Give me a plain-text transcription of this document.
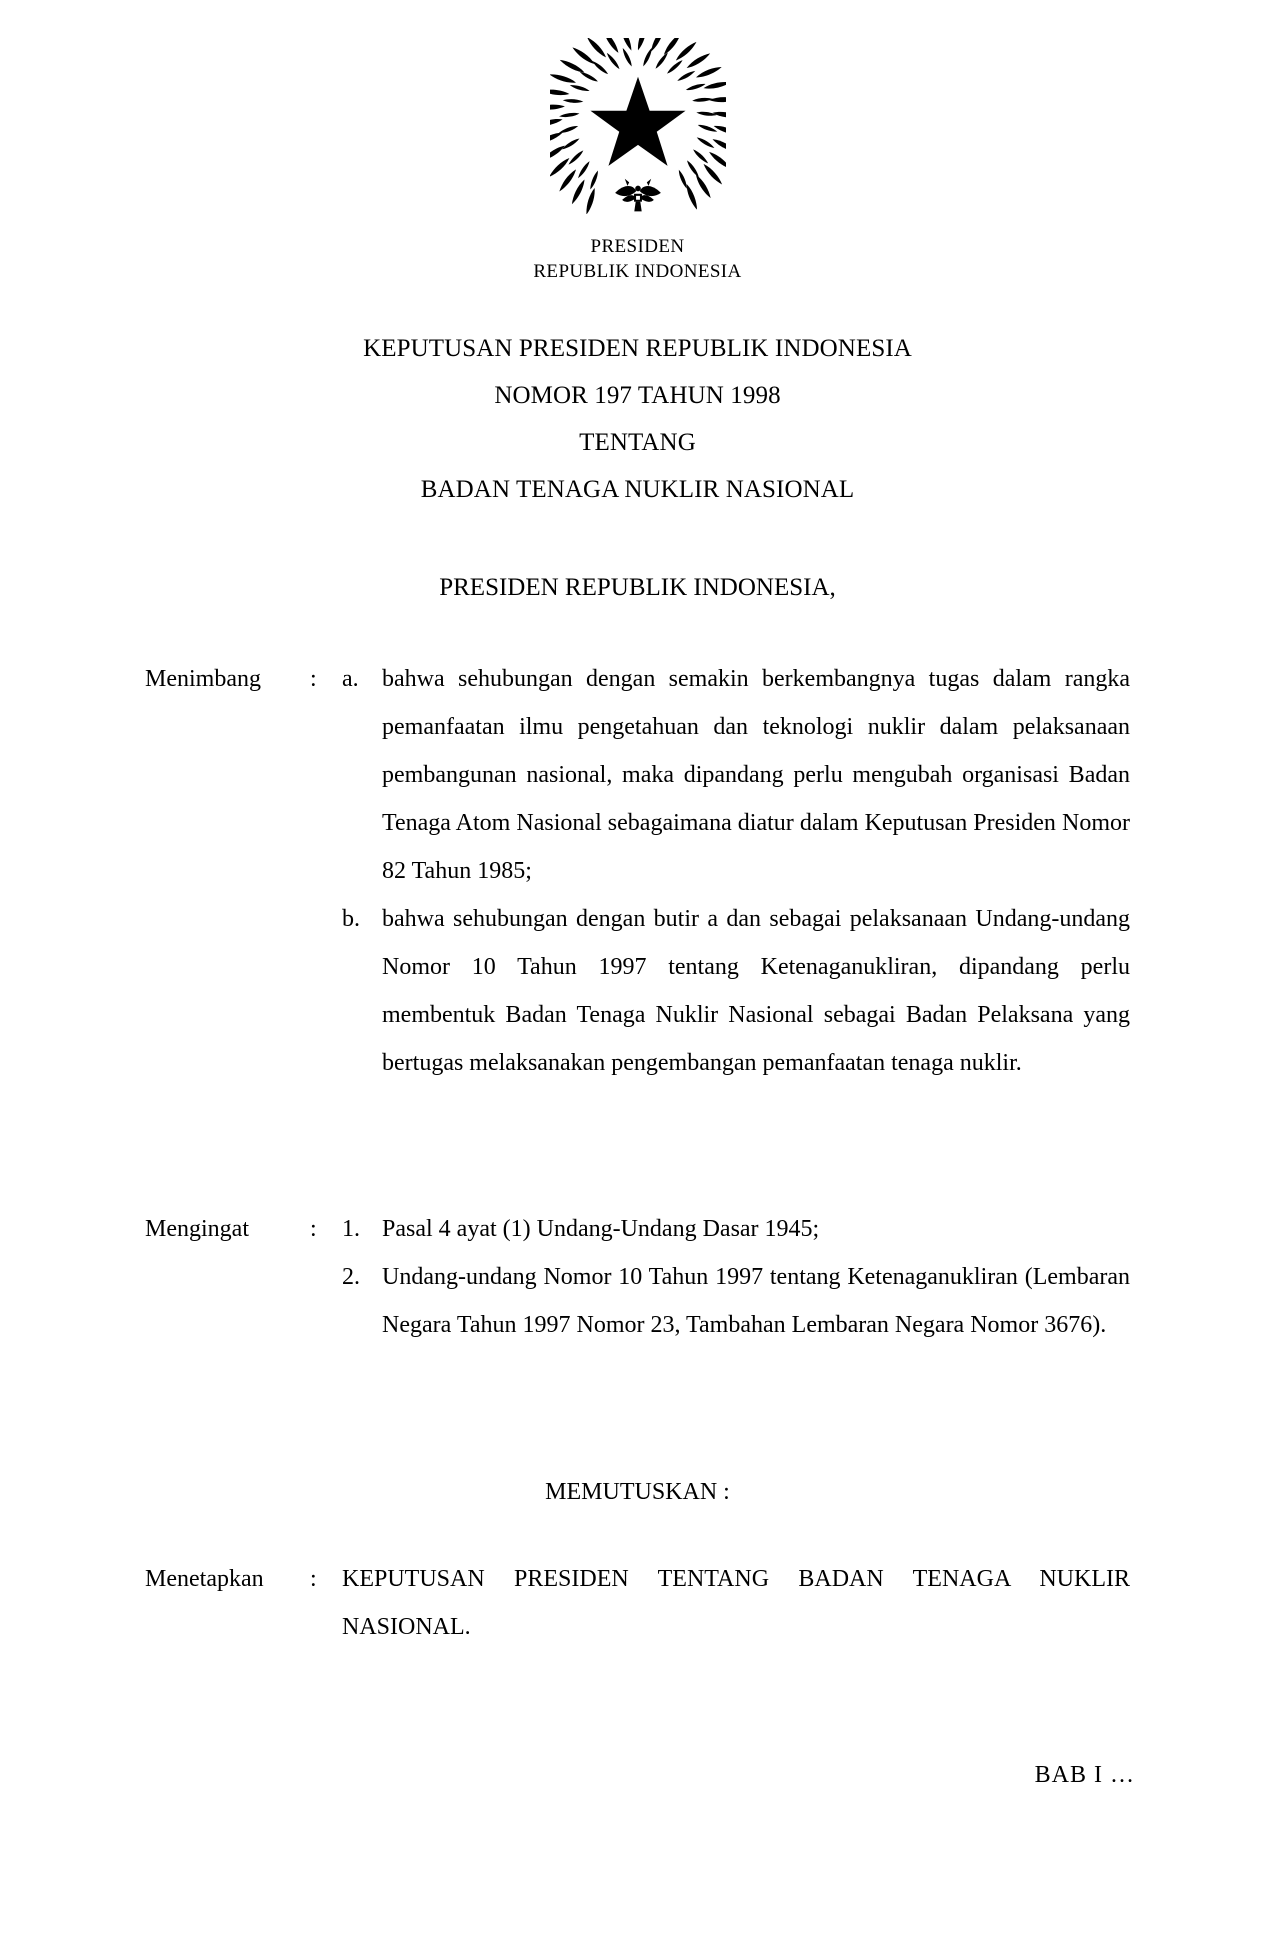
PRESIDEN
REPUBLIK INDONESIA
KEPUTUSAN PRESIDEN REPUBLIK INDONESIA
NOMOR 197 TAHUN 1998
TENTANG
BADAN TENAGA NUKLIR NASIONAL
PRESIDEN REPUBLIK INDONESIA,
Menimbang	:	a. bahwa sehubungan dengan semakin berkembangnya tugas dalam rangka pemanfaatan ilmu pengetahuan dan teknologi nuklir dalam pelaksanaan pembangunan nasional, maka dipandang perlu mengubah organisasi Badan Tenaga Atom Nasional sebagaimana diatur dalam Keputusan Presiden Nomor 82 Tahun 1985;
b. bahwa sehubungan dengan butir a dan sebagai pelaksanaan Undang-undang Nomor 10 Tahun 1997 tentang Ketenaganukliran, dipandang perlu membentuk Badan Tenaga Nuklir Nasional sebagai Badan Pelaksana yang bertugas melaksanakan pengembangan pemanfaatan tenaga nuklir.
Mengingat	:	1. Pasal 4 ayat (1) Undang-Undang Dasar 1945;
2. Undang-undang Nomor 10 Tahun 1997 tentang Ketenaganukliran (Lembaran Negara Tahun 1997 Nomor 23, Tambahan Lembaran Negara Nomor 3676).
MEMUTUSKAN :
Menetapkan	:	KEPUTUSAN PRESIDEN TENTANG BADAN TENAGA NUKLIR NASIONAL.
BAB I …
